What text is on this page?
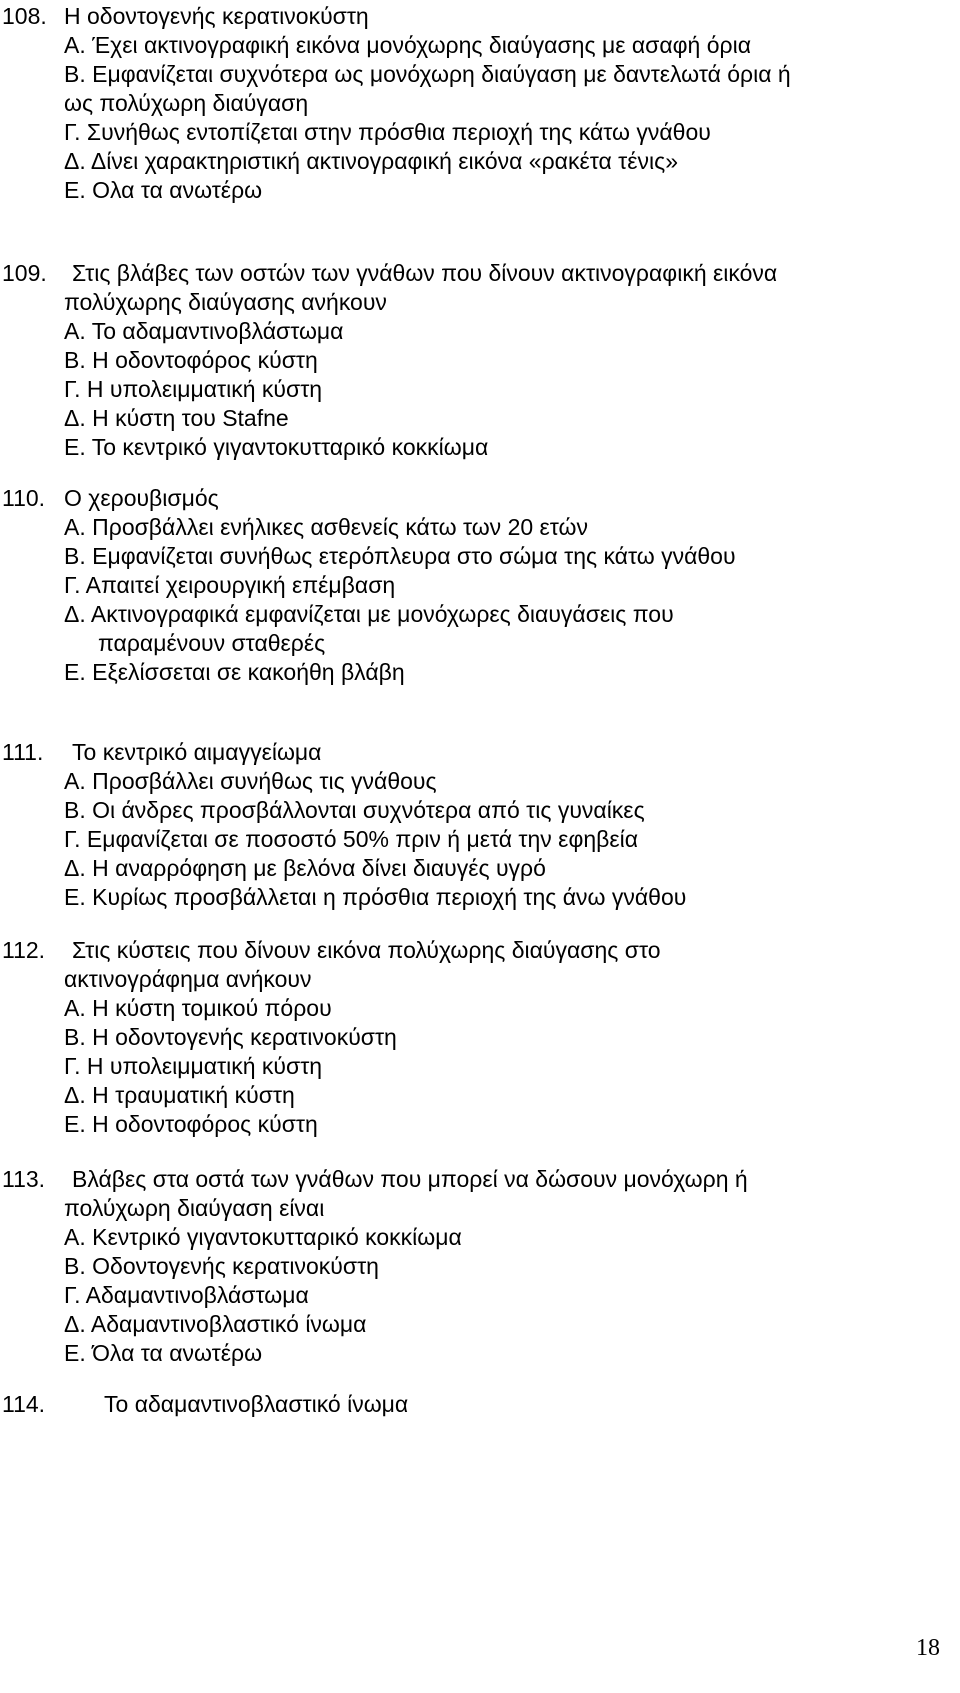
108. Η οδοντογενής κερατινοκύστη
Α. Έχει ακτινογραφική εικόνα μονόχωρης διαύγασης με ασαφή όρια
Β. Εμφανίζεται συχνότερα ως μονόχωρη διαύγαση με δαντελωτά όρια ή
ως πολύχωρη διαύγαση
Γ. Συνήθως εντοπίζεται στην πρόσθια περιοχή της κάτω γνάθου
Δ. Δίνει χαρακτηριστική ακτινογραφική εικόνα «ρακέτα τένις»
Ε. Ολα τα ανωτέρω
109. Στις βλάβες των οστών των γνάθων που δίνουν ακτινογραφική εικόνα
πολύχωρης διαύγασης ανήκουν
Α. Το αδαμαντινοβλάστωμα
Β. Η οδοντοφόρος κύστη
Γ. Η υπολειμματική κύστη
Δ. Η κύστη του Stafne
Ε. Το κεντρικό γιγαντοκυτταρικό κοκκίωμα
110. Ο χερουβισμός
Α. Προσβάλλει ενήλικες ασθενείς κάτω των 20 ετών
Β. Εμφανίζεται συνήθως ετερόπλευρα στο σώμα της κάτω γνάθου
Γ. Απαιτεί χειρουργική επέμβαση
Δ. Ακτινογραφικά εμφανίζεται με μονόχωρες διαυγάσεις που
παραμένουν σταθερές
Ε. Εξελίσσεται σε κακοήθη βλάβη
111. Το κεντρικό αιμαγγείωμα
Α. Προσβάλλει συνήθως τις γνάθους
Β. Οι άνδρες προσβάλλονται συχνότερα από τις γυναίκες
Γ. Εμφανίζεται σε ποσοστό 50% πριν ή μετά την εφηβεία
Δ. Η αναρρόφηση με βελόνα δίνει διαυγές υγρό
Ε. Κυρίως προσβάλλεται η πρόσθια περιοχή της άνω γνάθου
112. Στις κύστεις που δίνουν εικόνα πολύχωρης διαύγασης στο
ακτινογράφημα ανήκουν
Α. Η κύστη τομικού πόρου
Β. Η οδοντογενής κερατινοκύστη
Γ. Η υπολειμματική κύστη
Δ. Η τραυματική κύστη
Ε. Η οδοντοφόρος κύστη
113. Βλάβες στα οστά των γνάθων που μπορεί να δώσουν μονόχωρη ή
πολύχωρη διαύγαση είναι
Α. Κεντρικό γιγαντοκυτταρικό κοκκίωμα
Β. Οδοντογενής κερατινοκύστη
Γ. Αδαμαντινοβλάστωμα
Δ. Αδαμαντινοβλαστικό ίνωμα
Ε. Όλα τα ανωτέρω
114.	Το αδαμαντινοβλαστικό ίνωμα
18
